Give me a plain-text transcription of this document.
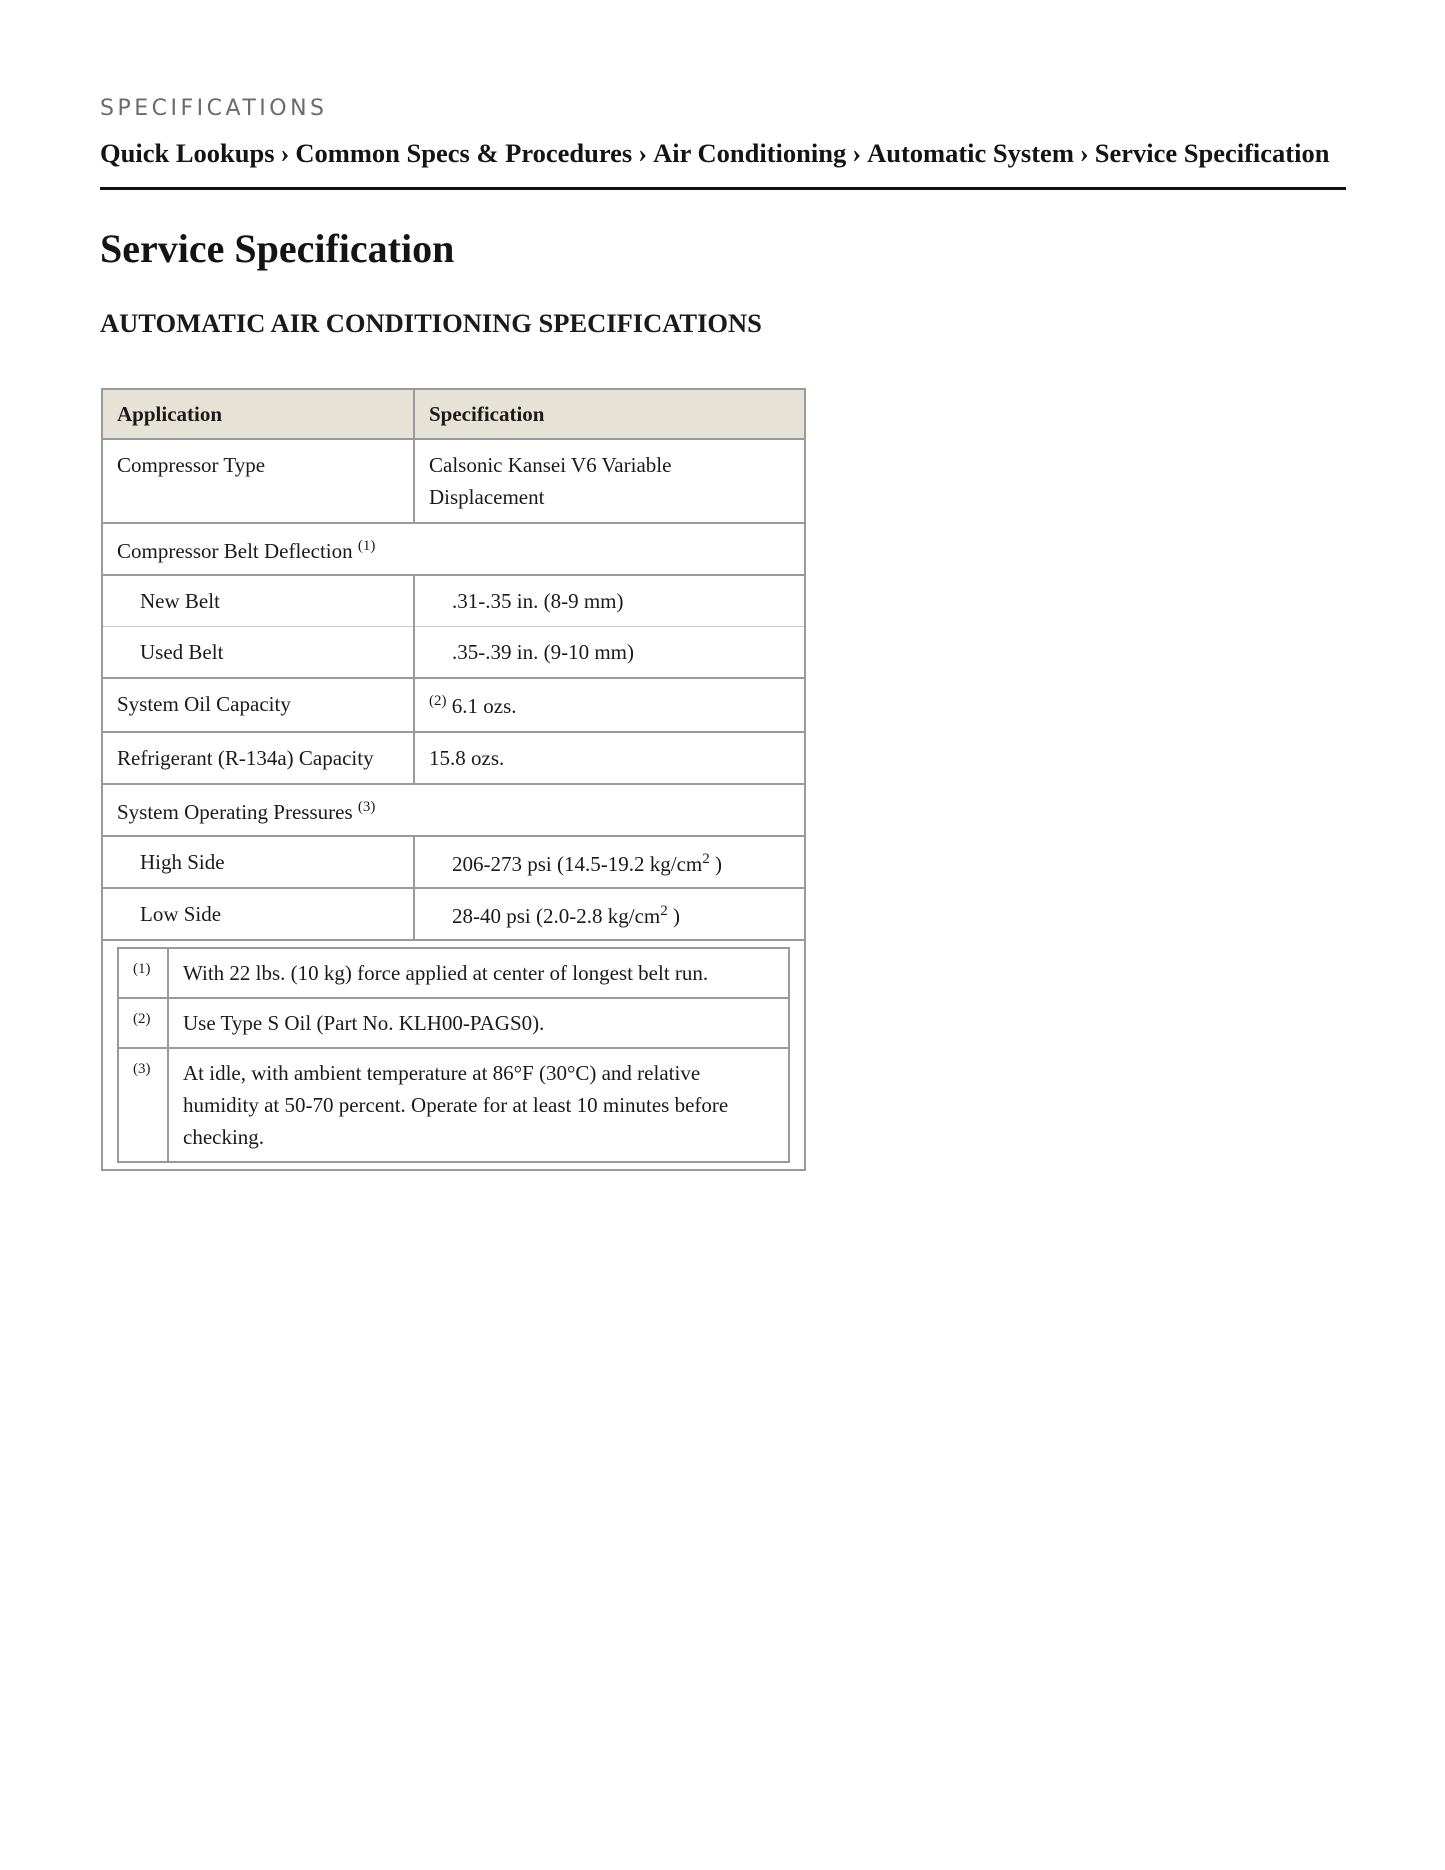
SPECIFICATIONS
Quick Lookups › Common Specs & Procedures › Air Conditioning › Automatic System › Service Specification
Service Specification
AUTOMATIC AIR CONDITIONING SPECIFICATIONS
Application	Specification
Compressor Type	Calsonic Kansei V6 Variable Displacement
Compressor Belt Deflection $^{(1)}$
New Belt	.31-.35 in. (8-9 mm)
Used Belt	.35-.39 in. (9-10 mm)
System Oil Capacity	$^{(2)}$ 6.1 ozs.
Refrigerant (R-134a) Capacity	15.8 ozs.
System Operating Pressures $^{(3)}$
High Side	206-273 psi (14.5-19.2 $kg/cm^2$ )
Low Side	28-40 psi (2.0-2.8 $kg/cm^2$ )

(1)	With 22 lbs. (10 kg) force applied at center of longest belt run.
(2)	Use Type S Oil (Part No. KLH00-PAGS0).
(3)	At idle, with ambient temperature at 86°F (30°C) and relative humidity at 50-70 percent. Operate for at least 10 minutes before checking.
